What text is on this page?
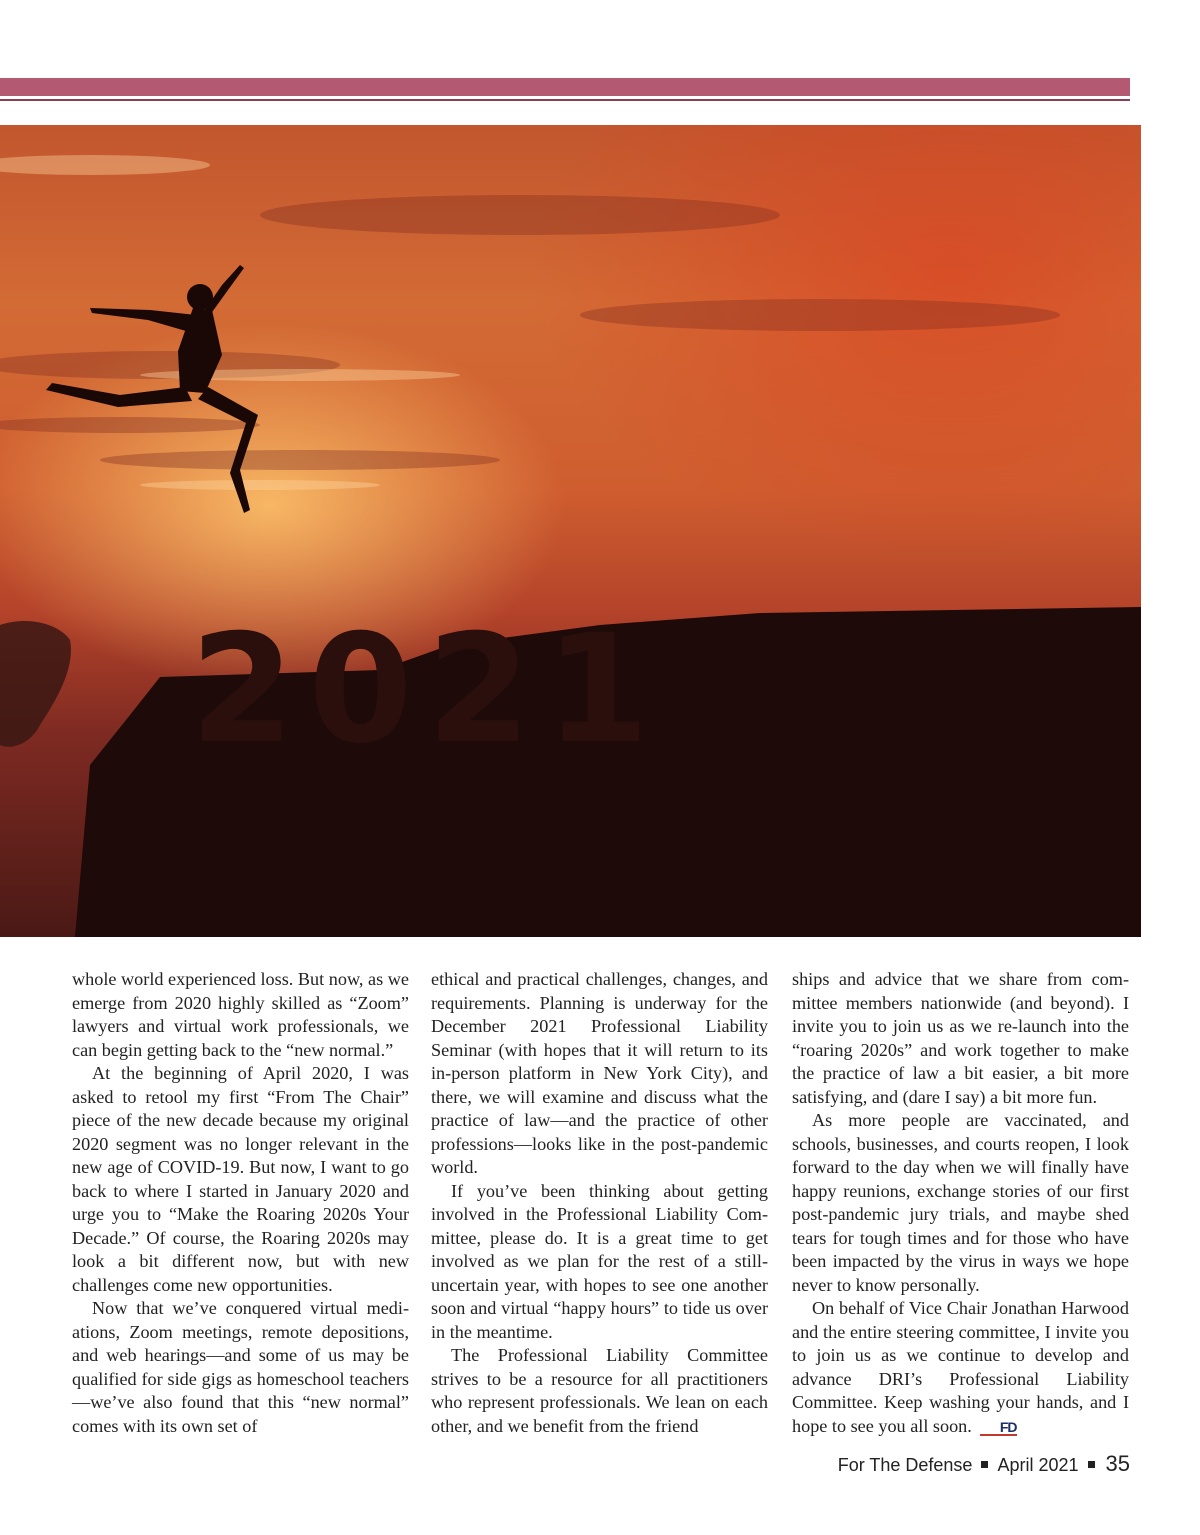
2021

whole world experienced loss. But now, as we emerge from 2020 highly skilled as “Zoom” lawyers and virtual work professionals, we can begin getting back to the “new normal.”

At the beginning of April 2020, I was asked to retool my first “From The Chair” piece of the new decade because my original 2020 segment was no longer relevant in the new age of COVID-19. But now, I want to go back to where I started in January 2020 and urge you to “Make the Roaring 2020s Your Decade.” Of course, the Roaring 2020s may look a bit different now, but with new challenges come new opportunities.

Now that we’ve conquered virtual mediations, Zoom meetings, remote depositions, and web hearings—and some of us may be qualified for side gigs as homeschool teachers—we’ve also found that this “new normal” comes with its own set of

ethical and practical challenges, changes, and requirements. Planning is underway for the December 2021 Professional Liability Seminar (with hopes that it will return to its in-person platform in New York City), and there, we will examine and discuss what the practice of law—and the practice of other professions—looks like in the post-pandemic world.

If you’ve been thinking about getting involved in the Professional Liability Committee, please do. It is a great time to get involved as we plan for the rest of a still-uncertain year, with hopes to see one another soon and virtual “happy hours” to tide us over in the meantime.

The Professional Liability Committee strives to be a resource for all practitioners who represent professionals. We lean on each other, and we benefit from the friend

ships and advice that we share from committee members nationwide (and beyond). I invite you to join us as we re-launch into the “roaring 2020s” and work together to make the practice of law a bit easier, a bit more satisfying, and (dare I say) a bit more fun.

As more people are vaccinated, and schools, businesses, and courts reopen, I look forward to the day when we will finally have happy reunions, exchange stories of our first post-pandemic jury trials, and maybe shed tears for tough times and for those who have been impacted by the virus in ways we hope never to know personally.

On behalf of Vice Chair Jonathan Harwood and the entire steering committee, I invite you to join us as we continue to develop and advance DRI’s Professional Liability Committee. Keep washing your hands, and I hope to see you all soon. FD

For The Defense April 2021 35
